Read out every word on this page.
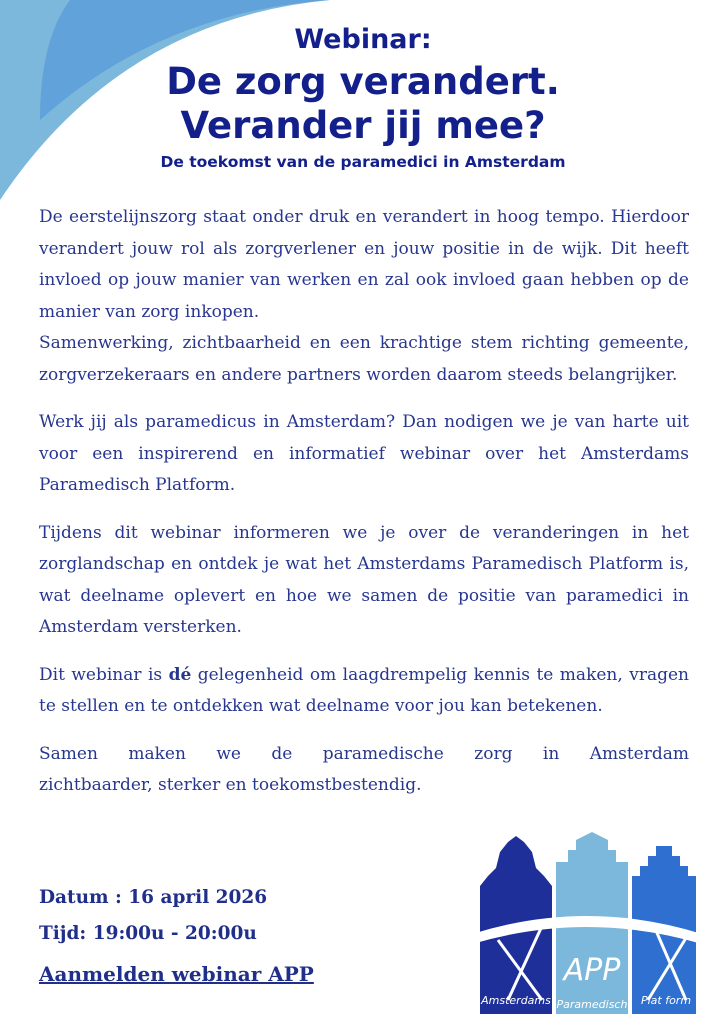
Webinar:
De zorg verandert.
Verander jij mee?
De toekomst van de paramedici in Amsterdam

De eerstelijnszorg staat onder druk en verandert in hoog tempo. Hierdoor verandert jouw rol als zorgverlener en jouw positie in de wijk. Dit heeft invloed op jouw manier van werken en zal ook invloed gaan hebben op de manier van zorg inkopen.

Samenwerking, zichtbaarheid en een krachtige stem richting gemeente, zorgverzekeraars en andere partners worden daarom steeds belangrijker.

Werk jij als paramedicus in Amsterdam? Dan nodigen we je van harte uit voor een inspirerend en informatief webinar over het Amsterdams Paramedisch Platform.

Tijdens dit webinar informeren we je over de veranderingen in het zorglandschap en ontdek je wat het Amsterdams Paramedisch Platform is, wat deelname oplevert en hoe we samen de positie van paramedici in Amsterdam versterken.

Dit webinar is dé gelegenheid om laagdrempelig kennis te maken, vragen te stellen en te ontdekken wat deelname voor jou kan betekenen.

Samen maken we de paramedische zorg in Amsterdam
zichtbaarder, sterker en toekomstbestendig.
Datum : 16 april 2026
Tijd: 19:00u - 20:00u
Aanmelden webinar APP	APP
Amsterdams Paramedisch Plat form
